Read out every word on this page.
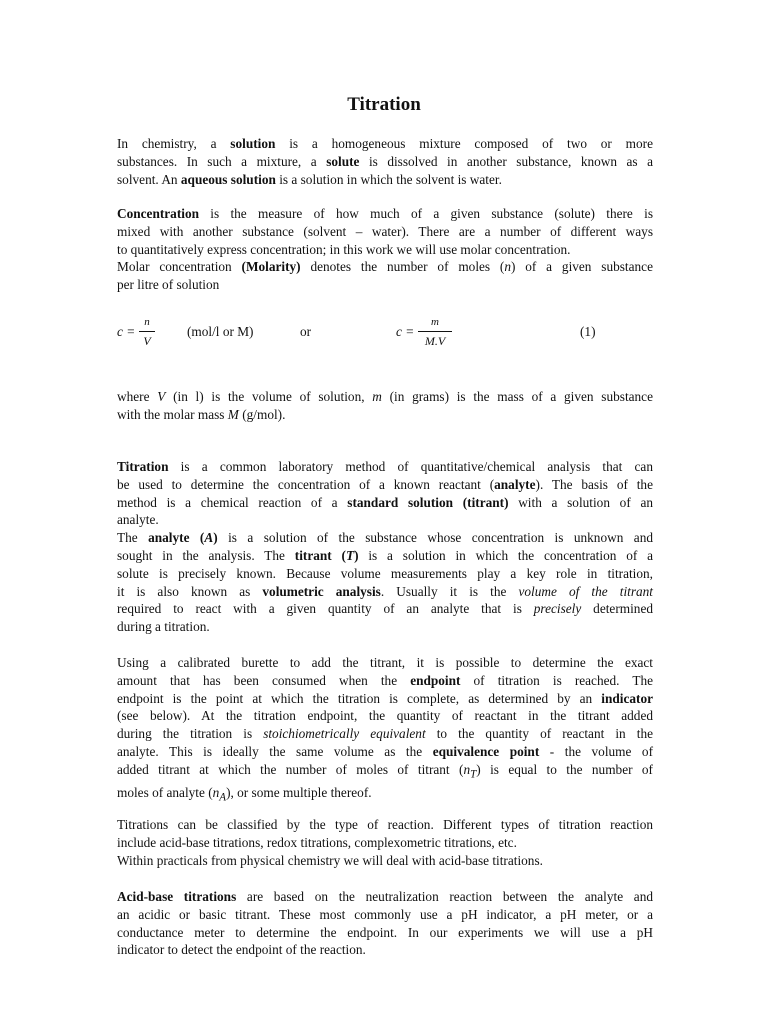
Titration
In chemistry, a solution is a homogeneous mixture composed of two or more
substances. In such a mixture, a solute is dissolved in another substance, known as a
solvent. An aqueous solution is a solution in which the solvent is water.
Concentration is the measure of how much of a given substance (solute) there is
mixed with another substance (solvent – water). There are a number of different ways
to quantitatively express concentration; in this work we will use molar concentration.
Molar concentration (Molarity) denotes the number of moles (n) of a given substance
per litre of solution
c =
n
V
(mol/l or M)	or	c =
m
M.V
(1)
where V (in l) is the volume of solution, m (in grams) is the mass of a given substance
with the molar mass M (g/mol).
Titration is a common laboratory method of quantitative/chemical analysis that can
be used to determine the concentration of a known reactant (analyte). The basis of the
method is a chemical reaction of a standard solution (titrant) with a solution of an
analyte.
The analyte (A) is a solution of the substance whose concentration is unknown and
sought in the analysis. The titrant (T) is a solution in which the concentration of a
solute is precisely known. Because volume measurements play a key role in titration,
it is also known as volumetric analysis. Usually it is the volume of the titrant
required to react with a given quantity of an analyte that is precisely determined
during a titration.
Using a calibrated burette to add the titrant, it is possible to determine the exact
amount that has been consumed when the endpoint of titration is reached. The
endpoint is the point at which the titration is complete, as determined by an indicator
(see below). At the titration endpoint, the quantity of reactant in the titrant added
during the titration is stoichiometrically equivalent to the quantity of reactant in the
analyte. This is ideally the same volume as the equivalence point - the volume of
added titrant at which the number of moles of titrant $(n_T)$ is equal to the number of
moles of analyte $(n_A)$, or some multiple thereof.
Titrations can be classified by the type of reaction. Different types of titration reaction
include acid-base titrations, redox titrations, complexometric titrations, etc.
Within practicals from physical chemistry we will deal with acid-base titrations.
Acid-base titrations are based on the neutralization reaction between the analyte and
an acidic or basic titrant. These most commonly use a pH indicator, a pH meter, or a
conductance meter to determine the endpoint. In our experiments we will use a pH
indicator to detect the endpoint of the reaction.
